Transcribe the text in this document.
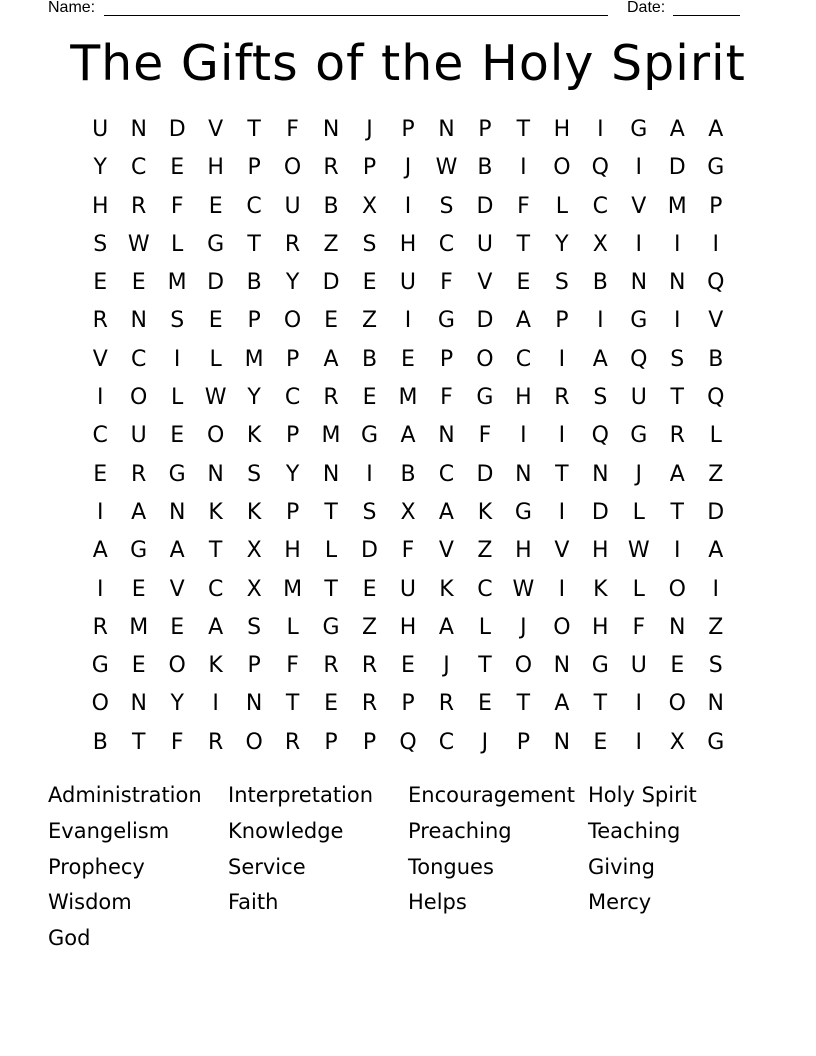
Name:	Date:
The Gifts of the Holy Spirit
U	N D	V	T	F	N	J	P	N	P	T	H	I	G	A	A
Y	C	E	H	P	O	R	P	J	W B	I	O Q	I	D G
H	R	F	E	C	U	B	X	I	S	D	F	L	C	V M	P
S W L	G	T	R	Z	S	H	C	U	T	Y	X	I	I	I
E	E	M D	B	Y	D	E	U	F	V	E	S	B	N	N Q
R	N	S	E	P	O	E	Z	I	G D	A	P	I	G	I	V
V	C	I	L	M	P	A	B	E	P	O	C	I	A	Q	S	B
I	O	L W Y	C	R	E	M	F	G H	R	S	U	T	Q
C	U	E	O	K	P	M G	A	N	F	I	I	Q G	R	L
E	R	G N	S	Y	N	I	B	C	D N	T	N	J	A	Z
I	A	N	K	K	P	T	S	X	A	K	G	I	D	L	T	D
A	G	A	T	X	H	L	D	F	V	Z	H	V	H W	I	A
I	E	V	C	X M	T	E	U	K	C W	I	K	L	O	I
R M	E	A	S	L	G	Z	H	A	L	J	O H	F	N	Z
G	E	O	K	P	F	R	R	E	J	T	O N G U	E	S
O N	Y	I	N	T	E	R	P	R	E	T	A	T	I	O N
B	T	F	R	O	R	P	P	Q	C	J	P	N	E	I	X	G
Administration	Interpretation	Encouragement Holy Spirit
Evangelism	Knowledge	Preaching	Teaching
Prophecy	Service	Tongues	Giving
Wisdom	Faith	Helps	Mercy
God
